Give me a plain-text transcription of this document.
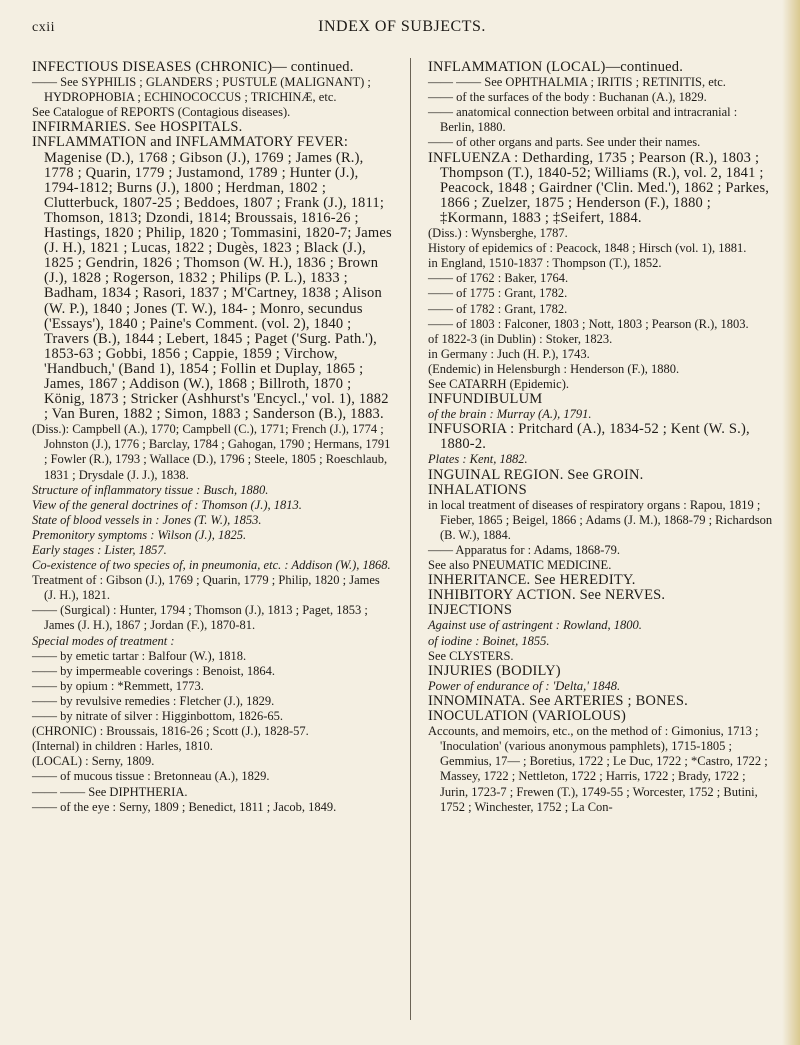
cxii	INDEX OF SUBJECTS.

INFECTIOUS DISEASES (CHRONIC)— continued.

—— See SYPHILIS ; GLANDERS ; PUSTULE (MALIGNANT) ; HYDROPHOBIA ; ECHINOCOCCUS ; TRICHINÆ, etc.

See Catalogue of REPORTS (Contagious diseases).

INFIRMARIES. See HOSPITALS.

INFLAMMATION and INFLAMMATORY FEVER: Magenise (D.), 1768 ; Gibson (J.), 1769 ; James (R.), 1778 ; Quarin, 1779 ; Justamond, 1789 ; Hunter (J.), 1794-1812; Burns (J.), 1800 ; Herdman, 1802 ; Clutterbuck, 1807-25 ; Beddoes, 1807 ; Frank (J.), 1811; Thomson, 1813; Dzondi, 1814; Broussais, 1816-26 ; Hastings, 1820 ; Philip, 1820 ; Tommasini, 1820-7; James (J. H.), 1821 ; Lucas, 1822 ; Dugès, 1823 ; Black (J.), 1825 ; Gendrin, 1826 ; Thomson (W. H.), 1836 ; Brown (J.), 1828 ; Rogerson, 1832 ; Philips (P. L.), 1833 ; Badham, 1834 ; Rasori, 1837 ; M'Cartney, 1838 ; Alison (W. P.), 1840 ; Jones (T. W.), 184- ; Monro, secundus ('Essays'), 1840 ; Paine's Comment. (vol. 2), 1840 ; Travers (B.), 1844 ; Lebert, 1845 ; Paget ('Surg. Path.'), 1853-63 ; Gobbi, 1856 ; Cappie, 1859 ; Virchow, 'Handbuch,' (Band 1), 1854 ; Follin et Duplay, 1865 ; James, 1867 ; Addison (W.), 1868 ; Billroth, 1870 ; König, 1873 ; Stricker (Ashhurst's 'Encycl.,' vol. 1), 1882 ; Van Buren, 1882 ; Simon, 1883 ; Sanderson (B.), 1883.

(Diss.): Campbell (A.), 1770; Campbell (C.), 1771; French (J.), 1774 ; Johnston (J.), 1776 ; Barclay, 1784 ; Gahogan, 1790 ; Hermans, 1791 ; Fowler (R.), 1793 ; Wallace (D.), 1796 ; Steele, 1805 ; Roeschlaub, 1831 ; Drysdale (J. J.), 1838.

Structure of inflammatory tissue : Busch, 1880.

View of the general doctrines of : Thomson (J.), 1813.

State of blood vessels in : Jones (T. W.), 1853.

Premonitory symptoms : Wilson (J.), 1825.

Early stages : Lister, 1857.

Co-existence of two species of, in pneumonia, etc. : Addison (W.), 1868.

Treatment of : Gibson (J.), 1769 ; Quarin, 1779 ; Philip, 1820 ; James (J. H.), 1821.

—— (Surgical) : Hunter, 1794 ; Thomson (J.), 1813 ; Paget, 1853 ; James (J. H.), 1867 ; Jordan (F.), 1870-81.

Special modes of treatment :

—— by emetic tartar : Balfour (W.), 1818.

—— by impermeable coverings : Benoist, 1864.

—— by opium : *Remmett, 1773.

—— by revulsive remedies : Fletcher (J.), 1829.

—— by nitrate of silver : Higginbottom, 1826-65.

(CHRONIC) : Broussais, 1816-26 ; Scott (J.), 1828-57.

(Internal) in children : Harles, 1810.

(LOCAL) : Serny, 1809.

—— of mucous tissue : Bretonneau (A.), 1829.

—— —— See DIPHTHERIA.

—— of the eye : Serny, 1809 ; Benedict, 1811 ; Jacob, 1849.

INFLAMMATION (LOCAL)—continued.

—— —— See OPHTHALMIA ; IRITIS ; RETINITIS, etc.

—— of the surfaces of the body : Buchanan (A.), 1829.

—— anatomical connection between orbital and intracranial : Berlin, 1880.

—— of other organs and parts. See under their names.

INFLUENZA : Detharding, 1735 ; Pearson (R.), 1803 ; Thompson (T.), 1840-52; Williams (R.), vol. 2, 1841 ; Peacock, 1848 ; Gairdner ('Clin. Med.'), 1862 ; Parkes, 1866 ; Zuelzer, 1875 ; Henderson (F.), 1880 ; ‡Kormann, 1883 ; ‡Seifert, 1884.

(Diss.) : Wynsberghe, 1787.

History of epidemics of : Peacock, 1848 ; Hirsch (vol. 1), 1881.

in England, 1510-1837 : Thompson (T.), 1852.

—— of 1762 : Baker, 1764.

—— of 1775 : Grant, 1782.

—— of 1782 : Grant, 1782.

—— of 1803 : Falconer, 1803 ; Nott, 1803 ; Pearson (R.), 1803.

of 1822-3 (in Dublin) : Stoker, 1823.

in Germany : Juch (H. P.), 1743.

(Endemic) in Helensburgh : Henderson (F.), 1880.

See CATARRH (Epidemic).

INFUNDIBULUM

of the brain : Murray (A.), 1791.

INFUSORIA : Pritchard (A.), 1834-52 ; Kent (W. S.), 1880-2.

Plates : Kent, 1882.

INGUINAL REGION. See GROIN.

INHALATIONS

in local treatment of diseases of respiratory organs : Rapou, 1819 ; Fieber, 1865 ; Beigel, 1866 ; Adams (J. M.), 1868-79 ; Richardson (B. W.), 1884.

—— Apparatus for : Adams, 1868-79.

See also PNEUMATIC MEDICINE.

INHERITANCE. See HEREDITY.

INHIBITORY ACTION. See NERVES.

INJECTIONS

Against use of astringent : Rowland, 1800.

of iodine : Boinet, 1855.

See CLYSTERS.

INJURIES (BODILY)

Power of endurance of : 'Delta,' 1848.

INNOMINATA. See ARTERIES ; BONES.

INOCULATION (VARIOLOUS)

Accounts, and memoirs, etc., on the method of : Gimonius, 1713 ; 'Inoculation' (various anonymous pamphlets), 1715-1805 ; Gemmius, 17— ; Boretius, 1722 ; Le Duc, 1722 ; *Castro, 1722 ; Massey, 1722 ; Nettleton, 1722 ; Harris, 1722 ; Brady, 1722 ; Jurin, 1723-7 ; Frewen (T.), 1749-55 ; Worcester, 1752 ; Butini, 1752 ; Winchester, 1752 ; La Con-
